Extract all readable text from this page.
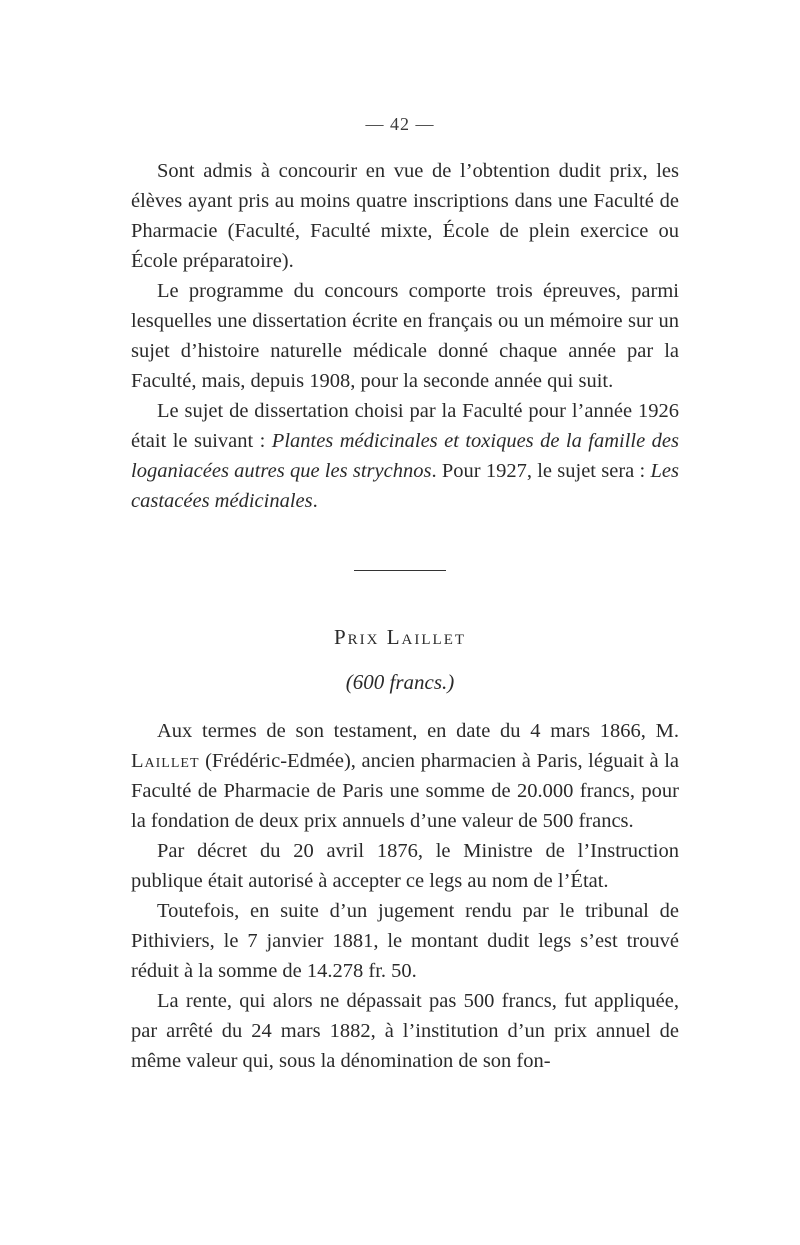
— 42 —

Sont admis à concourir en vue de l’obtention dudit prix, les élèves ayant pris au moins quatre inscriptions dans une Faculté de Pharmacie (Faculté, Faculté mixte, École de plein exercice ou École préparatoire).

Le programme du concours comporte trois épreuves, parmi lesquelles une dissertation écrite en français ou un mémoire sur un sujet d’histoire naturelle médicale donné chaque année par la Faculté, mais, depuis 1908, pour la seconde année qui suit.

Le sujet de dissertation choisi par la Faculté pour l’année 1926 était le suivant : Plantes médicinales et toxiques de la famille des loganiacées autres que les strychnos. Pour 1927, le sujet sera : Les castacées médicinales.

Prix Laillet
(600 francs.)

Aux termes de son testament, en date du 4 mars 1866, M. Laillet (Frédéric-Edmée), ancien pharmacien à Paris, léguait à la Faculté de Pharmacie de Paris une somme de 20.000 francs, pour la fondation de deux prix annuels d’une valeur de 500 francs.

Par décret du 20 avril 1876, le Ministre de l’Instruction publique était autorisé à accepter ce legs au nom de l’État.

Toutefois, en suite d’un jugement rendu par le tribunal de Pithiviers, le 7 janvier 1881, le montant dudit legs s’est trouvé réduit à la somme de 14.278 fr. 50.

La rente, qui alors ne dépassait pas 500 francs, fut appliquée, par arrêté du 24 mars 1882, à l’institution d’un prix annuel de même valeur qui, sous la dénomination de son fon-
